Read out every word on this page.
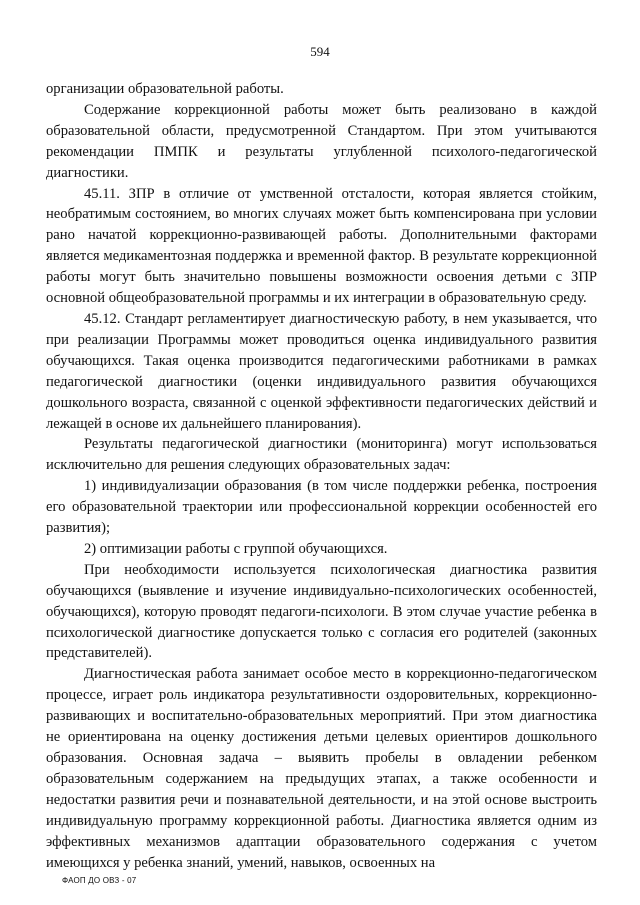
594

организации образовательной работы.

Содержание коррекционной работы может быть реализовано в каждой образовательной области, предусмотренной Стандартом. При этом учитываются рекомендации ПМПК и результаты углубленной психолого-педагогической диагностики.

45.11. ЗПР в отличие от умственной отсталости, которая является стойким, необратимым состоянием, во многих случаях может быть компенсирована при условии рано начатой коррекционно-развивающей работы. Дополнительными факторами является медикаментозная поддержка и временной фактор. В результате коррекционной работы могут быть значительно повышены возможности освоения детьми с ЗПР основной общеобразовательной программы и их интеграции в образовательную среду.

45.12. Стандарт регламентирует диагностическую работу, в нем указывается, что при реализации Программы может проводиться оценка индивидуального развития обучающихся. Такая оценка производится педагогическими работниками в рамках педагогической диагностики (оценки индивидуального развития обучающихся дошкольного возраста, связанной с оценкой эффективности педагогических действий и лежащей в основе их дальнейшего планирования).

Результаты педагогической диагностики (мониторинга) могут использоваться исключительно для решения следующих образовательных задач:

1) индивидуализации образования (в том числе поддержки ребенка, построения его образовательной траектории или профессиональной коррекции особенностей его развития);

2) оптимизации работы с группой обучающихся.

При необходимости используется психологическая диагностика развития обучающихся (выявление и изучение индивидуально-психологических особенностей, обучающихся), которую проводят педагоги-психологи. В этом случае участие ребенка в психологической диагностике допускается только с согласия его родителей (законных представителей).

Диагностическая работа занимает особое место в коррекционно-педагогическом процессе, играет роль индикатора результативности оздоровительных, коррекционно-развивающих и воспитательно-образовательных мероприятий. При этом диагностика не ориентирована на оценку достижения детьми целевых ориентиров дошкольного образования. Основная задача – выявить пробелы в овладении ребенком образовательным содержанием на предыдущих этапах, а также особенности и недостатки развития речи и познавательной деятельности, и на этой основе выстроить индивидуальную программу коррекционной работы. Диагностика является одним из эффективных механизмов адаптации образовательного содержания с учетом имеющихся у ребенка знаний, умений, навыков, освоенных на

ФАОП ДО ОВЗ - 07
